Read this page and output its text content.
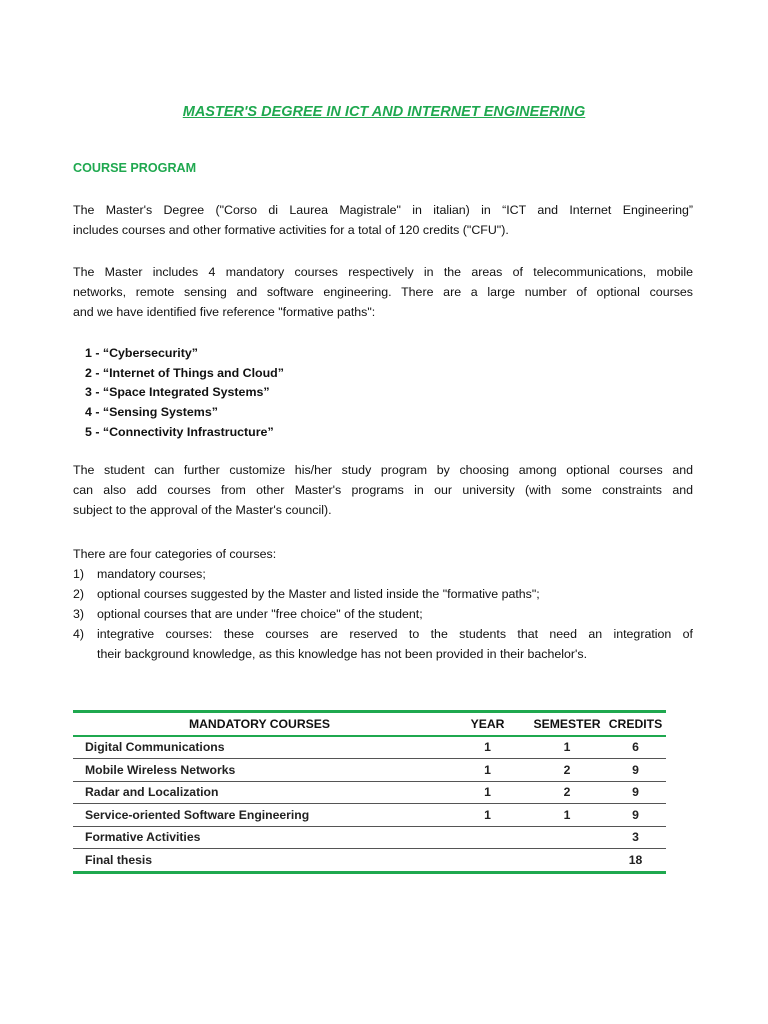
MASTER'S DEGREE IN ICT AND INTERNET ENGINEERING
COURSE PROGRAM
The Master's Degree ("Corso di Laurea Magistrale" in italian) in “ICT and Internet Engineering”
includes courses and other formative activities for a total of 120 credits ("CFU").
The Master includes 4 mandatory courses respectively in the areas of telecommunications, mobile
networks, remote sensing and software engineering. There are a large number of optional courses
and we have identified five reference "formative paths":
1 - “Cybersecurity”
2 - “Internet of Things and Cloud”
3 - “Space Integrated Systems”
4 - “Sensing Systems”
5 - “Connectivity Infrastructure”
The student can further customize his/her study program by choosing among optional courses and
can also add courses from other Master's programs in our university (with some constraints and
subject to the approval of the Master's council).
There are four categories of courses:
1)	mandatory courses;
2)	optional courses suggested by the Master and listed inside the "formative paths";
3)	optional courses that are under "free choice" of the student;
4)	integrative courses: these courses are reserved to the students that need an integration of
their background knowledge, as this knowledge has not been provided in their bachelor's.
MANDATORY COURSES	YEAR	SEMESTER	CREDITS
Digital Communications	1	1	6
Mobile Wireless Networks	1	2	9
Radar and Localization	1	2	9
Service-oriented Software Engineering	1	1	9
Formative Activities			3
Final thesis			18
